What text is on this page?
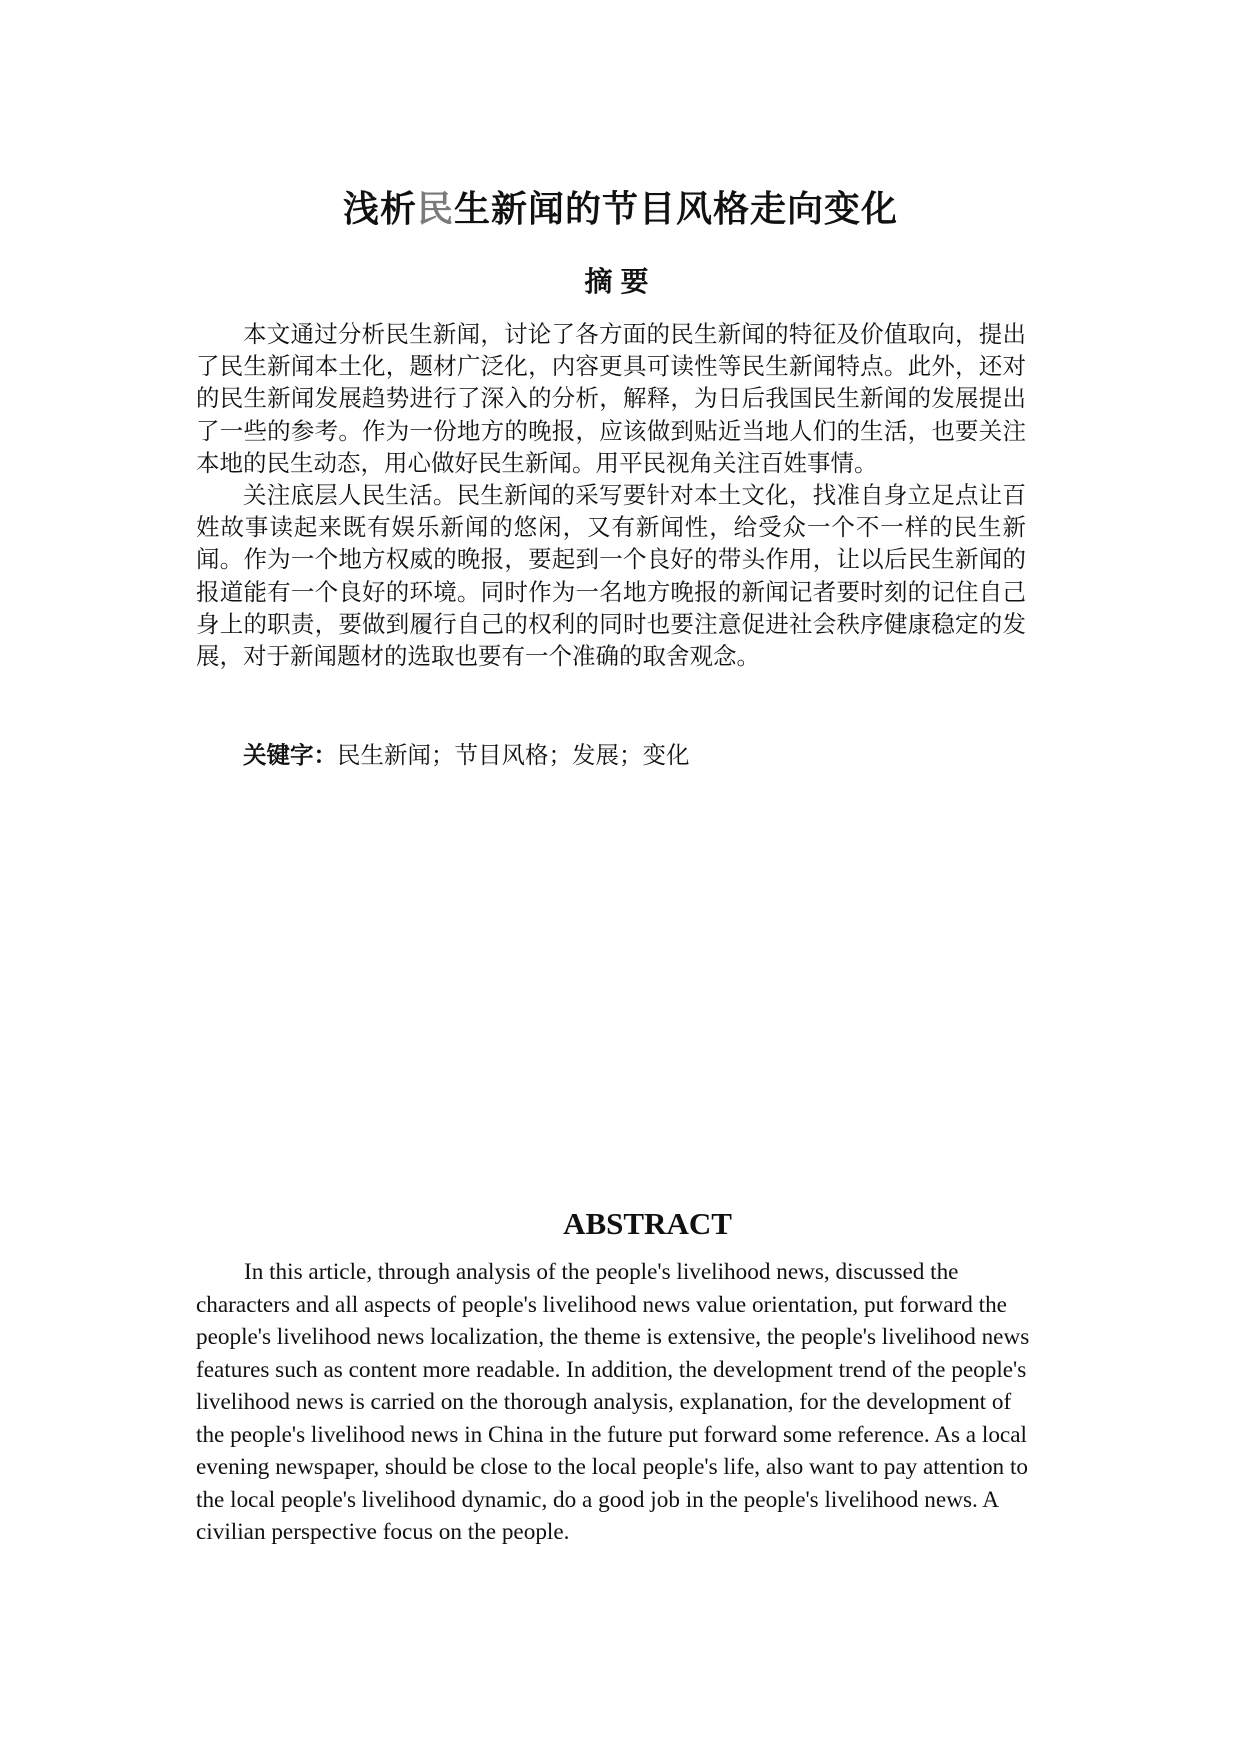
浅析民生新闻的节目风格走向变化
摘要

本文通过分析民生新闻，讨论了各方面的民生新闻的特征及价值取向，提出了民生新闻本土化，题材广泛化，内容更具可读性等民生新闻特点。此外，还对的民生新闻发展趋势进行了深入的分析，解释，为日后我国民生新闻的发展提出了一些的参考。作为一份地方的晚报，应该做到贴近当地人们的生活，也要关注本地的民生动态，用心做好民生新闻。用平民视角关注百姓事情。

关注底层人民生活。民生新闻的采写要针对本土文化，找准自身立足点让百姓故事读起来既有娱乐新闻的悠闲，又有新闻性，给受众一个不一样的民生新闻。作为一个地方权威的晚报，要起到一个良好的带头作用，让以后民生新闻的报道能有一个良好的环境。同时作为一名地方晚报的新闻记者要时刻的记住自己身上的职责，要做到履行自己的权利的同时也要注意促进社会秩序健康稳定的发展，对于新闻题材的选取也要有一个准确的取舍观念。

关键字：民生新闻；节目风格；发展；变化
ABSTRACT

In this article, through analysis of the people's livelihood news, discussed the characters and all aspects of people's livelihood news value orientation, put forward the people's livelihood news localization, the theme is extensive, the people's livelihood news features such as content more readable. In addition, the development trend of the people's livelihood news is carried on the thorough analysis, explanation, for the development of the people's livelihood news in China in the future put forward some reference. As a local evening newspaper, should be close to the local people's life, also want to pay attention to the local people's livelihood dynamic, do a good job in the people's livelihood news. A civilian perspective focus on the people.
